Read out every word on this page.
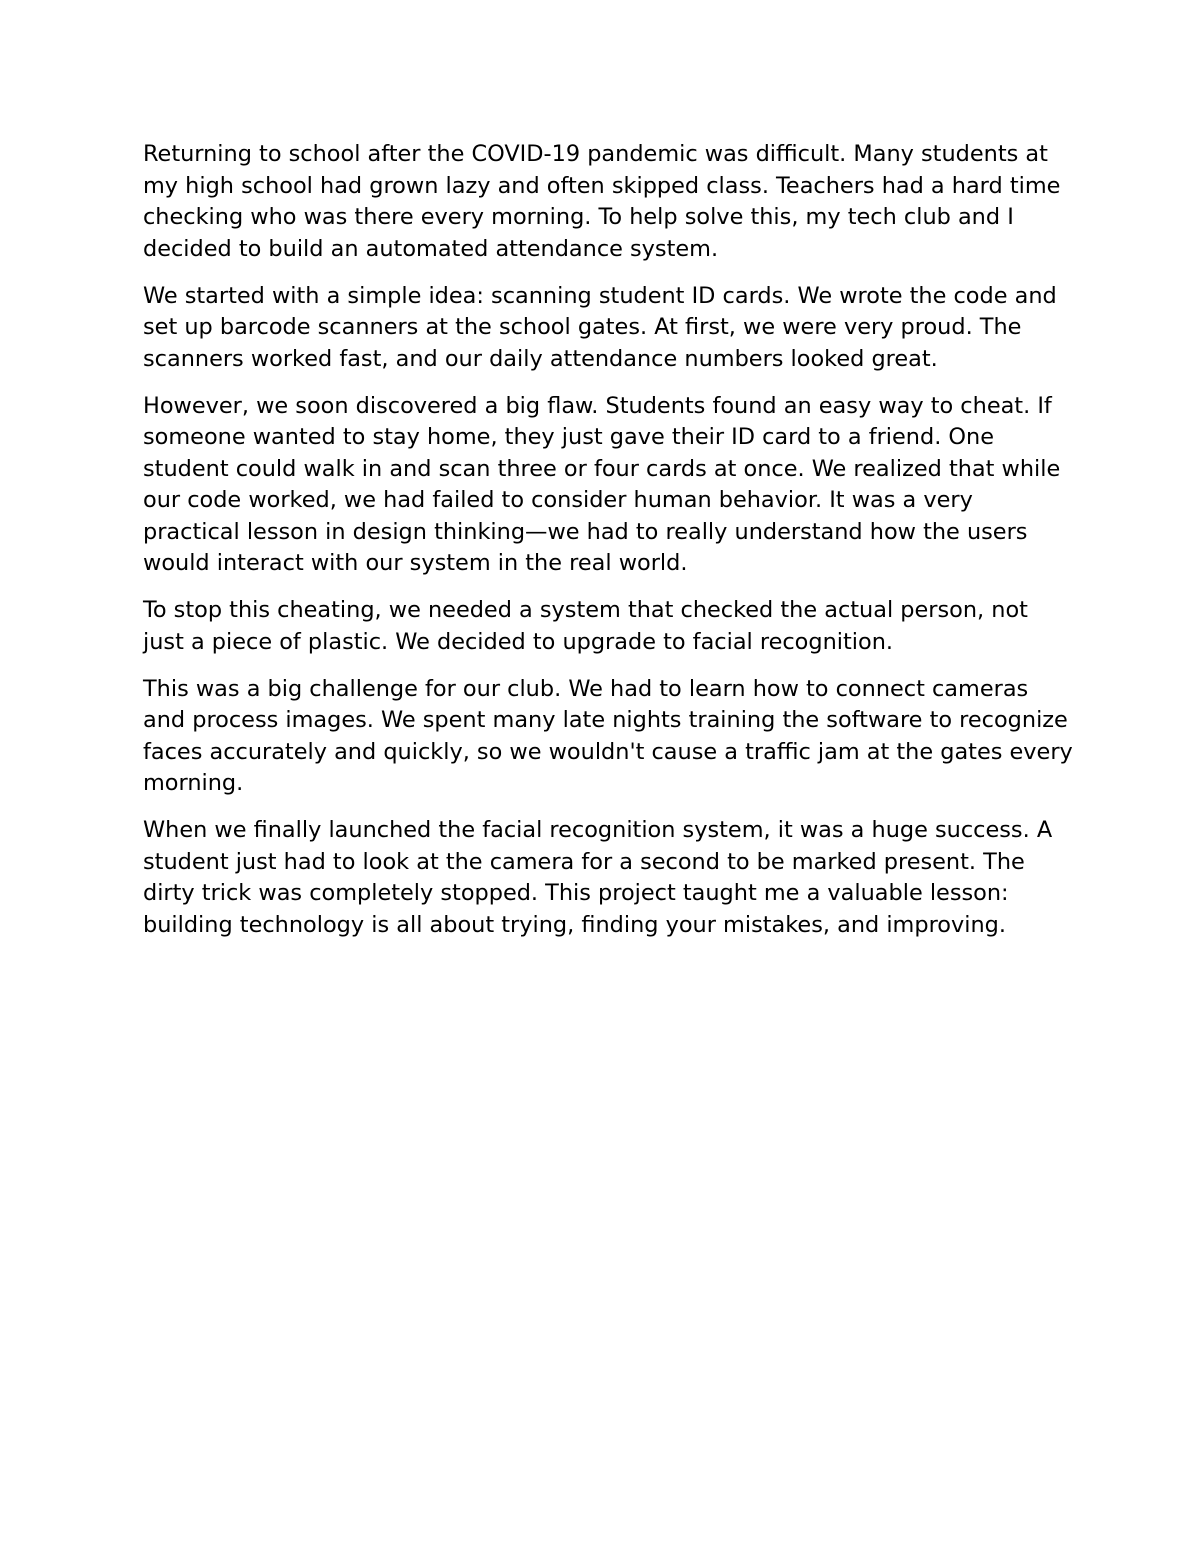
Returning to school after the COVID-19 pandemic was difficult. Many students at my high school had grown lazy and often skipped class. Teachers had a hard time checking who was there every morning. To help solve this, my tech club and I decided to build an automated attendance system.

We started with a simple idea: scanning student ID cards. We wrote the code and set up barcode scanners at the school gates. At first, we were very proud. The scanners worked fast, and our daily attendance numbers looked great.

However, we soon discovered a big flaw. Students found an easy way to cheat. If someone wanted to stay home, they just gave their ID card to a friend. One student could walk in and scan three or four cards at once. We realized that while our code worked, we had failed to consider human behavior. It was a very practical lesson in design thinking—we had to really understand how the users would interact with our system in the real world.

To stop this cheating, we needed a system that checked the actual person, not just a piece of plastic. We decided to upgrade to facial recognition.

This was a big challenge for our club. We had to learn how to connect cameras and process images. We spent many late nights training the software to recognize faces accurately and quickly, so we wouldn't cause a traffic jam at the gates every morning.

When we finally launched the facial recognition system, it was a huge success. A student just had to look at the camera for a second to be marked present. The dirty trick was completely stopped. This project taught me a valuable lesson: building technology is all about trying, finding your mistakes, and improving.
